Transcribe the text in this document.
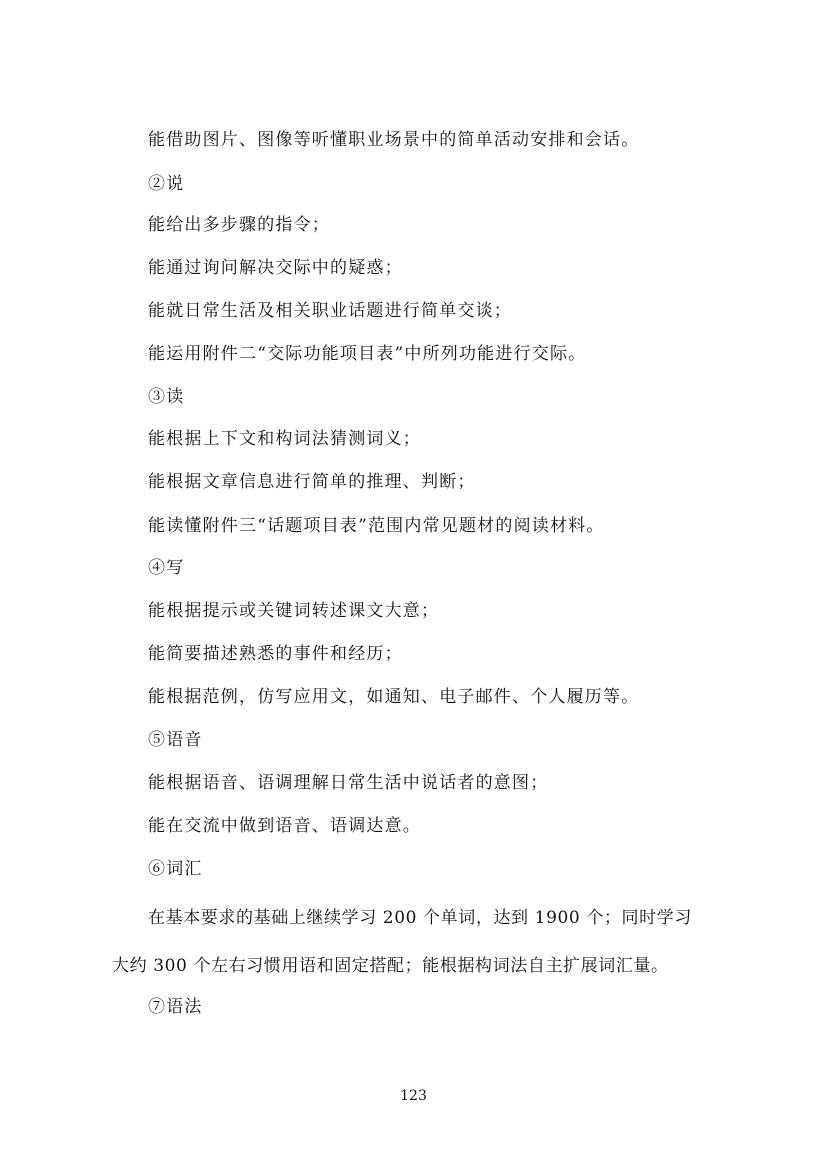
能借助图片、图像等听懂职业场景中的简单活动安排和会话。
②说
能给出多步骤的指令；
能通过询问解决交际中的疑惑；
能就日常生活及相关职业话题进行简单交谈；
能运用附件二“交际功能项目表”中所列功能进行交际。
③读
能根据上下文和构词法猜测词义；
能根据文章信息进行简单的推理、判断；
能读懂附件三“话题项目表”范围内常见题材的阅读材料。
④写
能根据提示或关键词转述课文大意；
能简要描述熟悉的事件和经历；
能根据范例，仿写应用文，如通知、电子邮件、个人履历等。
⑤语音
能根据语音、语调理解日常生活中说话者的意图；
能在交流中做到语音、语调达意。
⑥词汇
在基本要求的基础上继续学习 200 个单词，达到 1900 个；同时学习
大约 300 个左右习惯用语和固定搭配；能根据构词法自主扩展词汇量。
⑦语法
123
